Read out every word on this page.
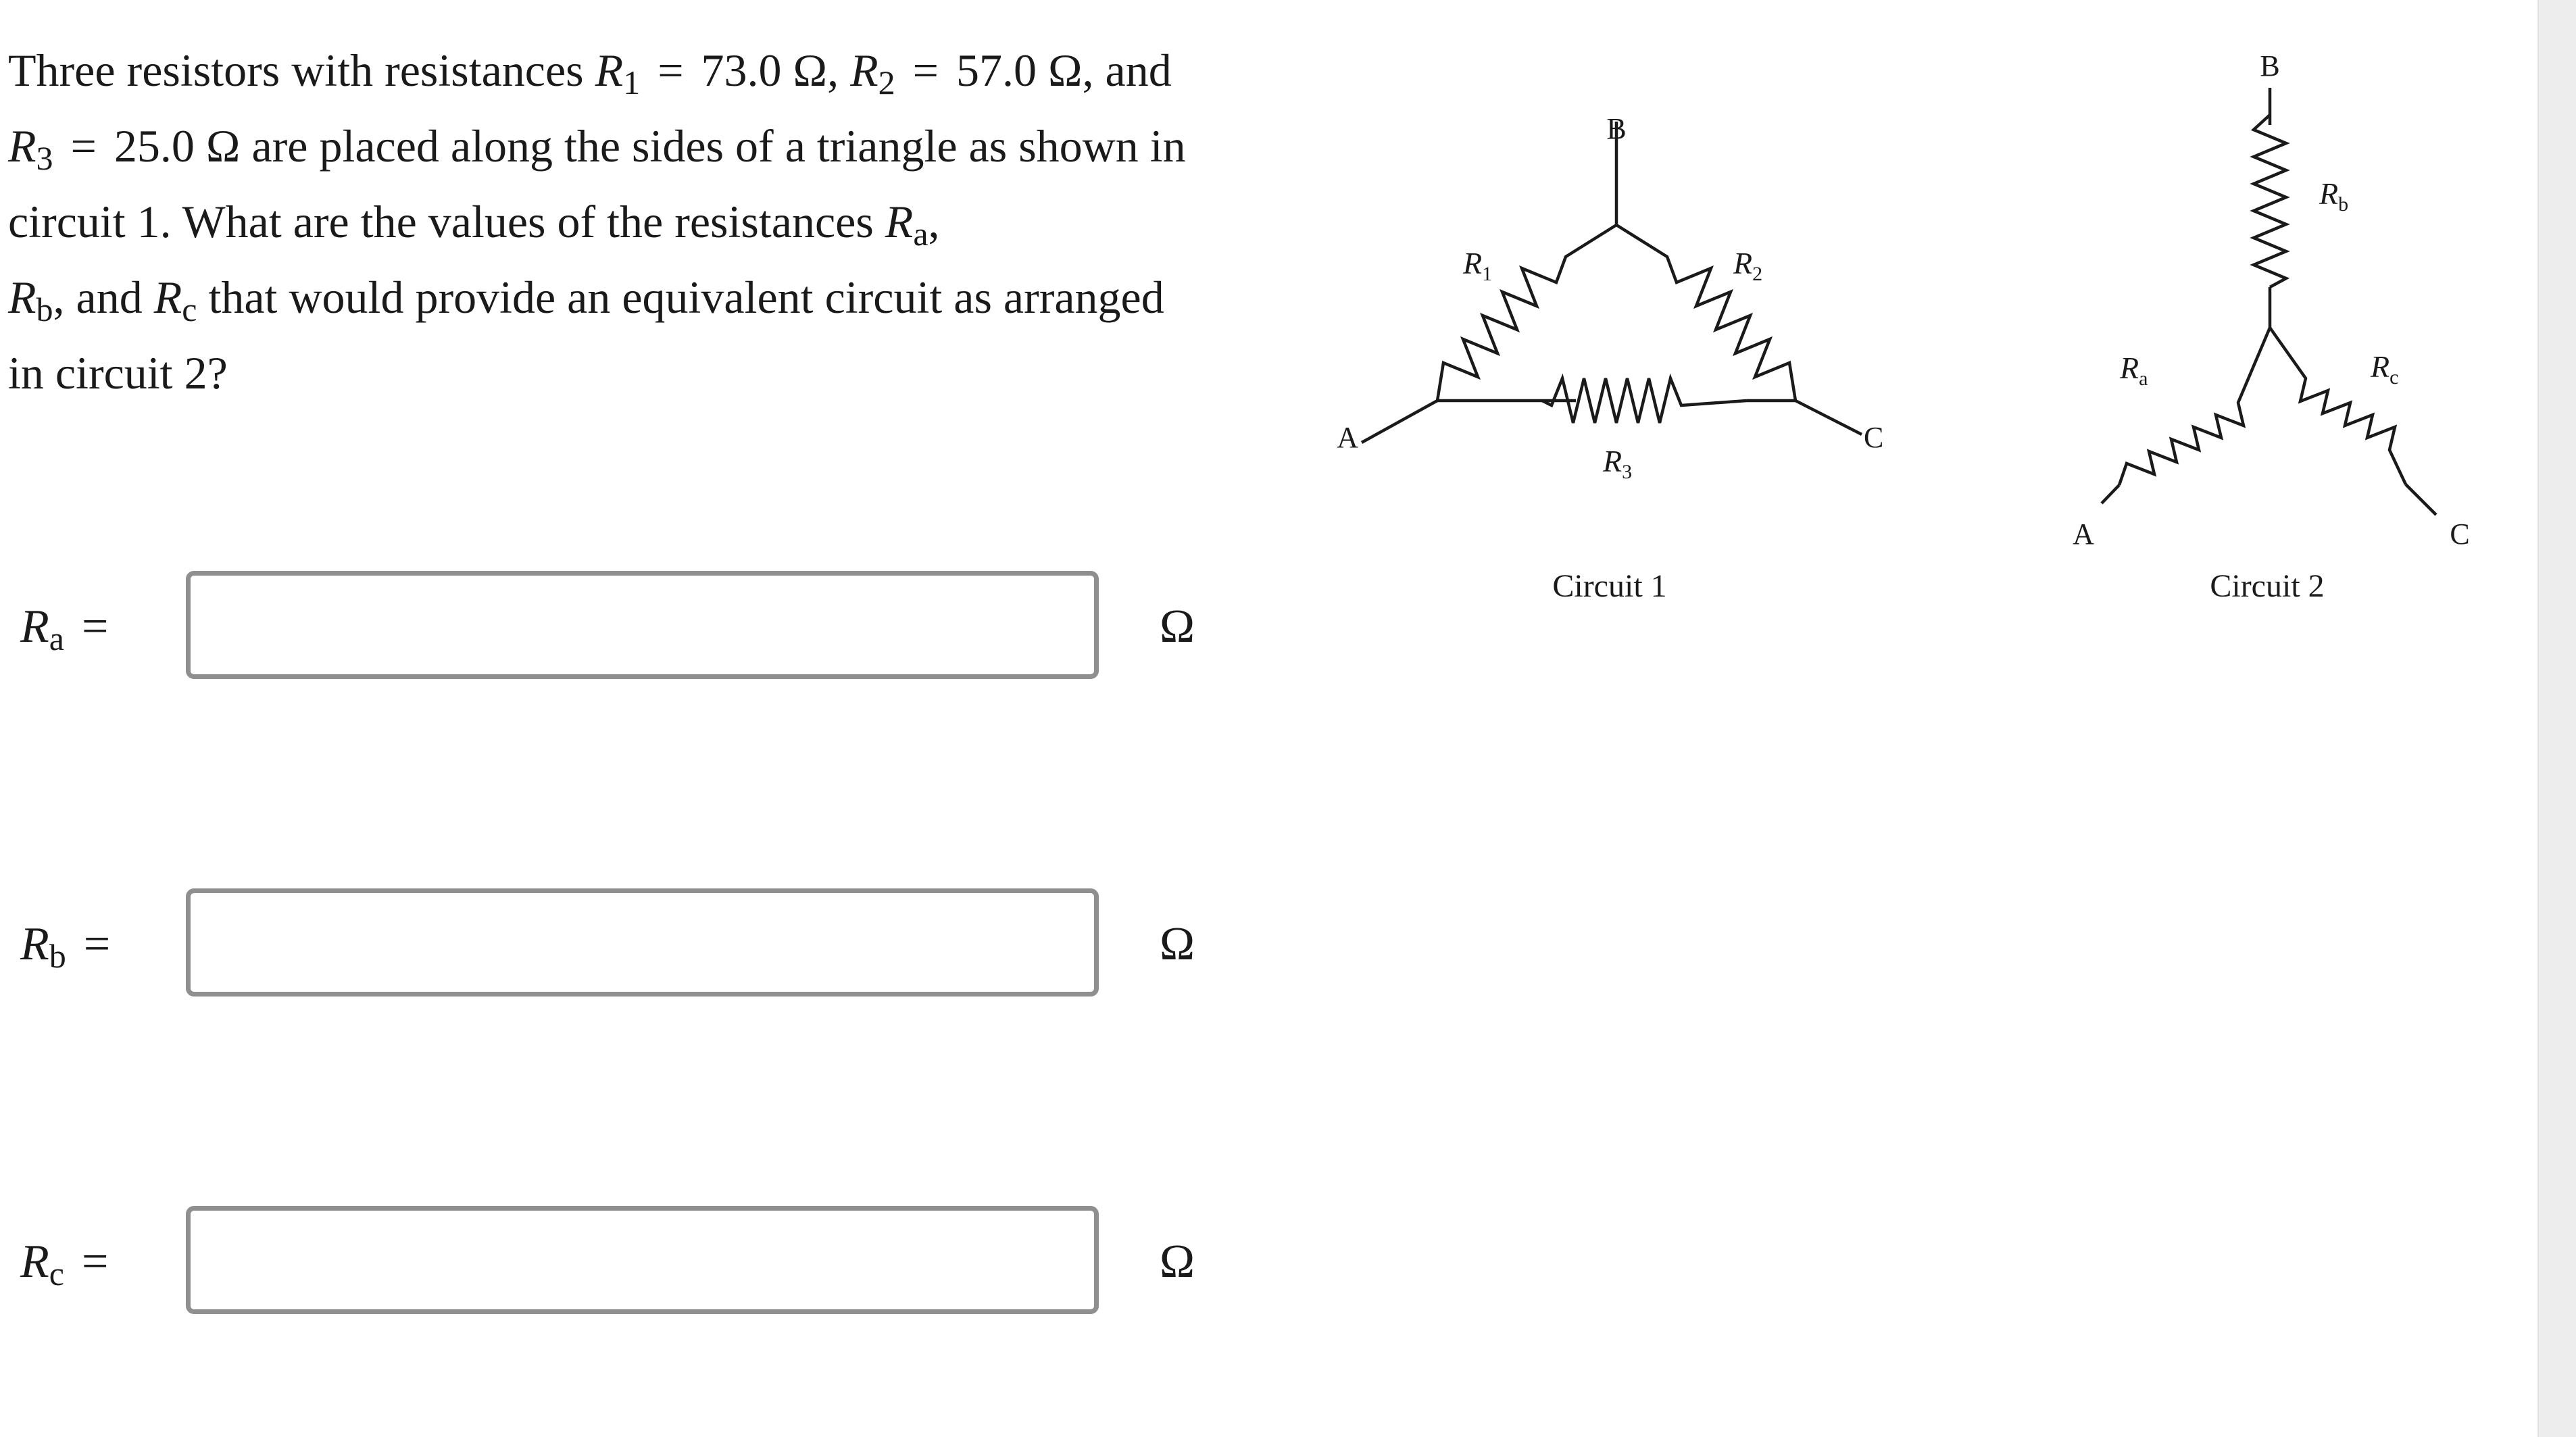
Three resistors with resistances $R_1 = 73.0$ Ω, $R_2 = 57.0$ Ω, and $R_3 = 25.0$ Ω are placed along the sides of a triangle as shown in circuit 1. What are the values of the resistances $R_a$,
$R_b$, and $R_c$ that would provide an equivalent circuit as arranged in circuit 2?
$R_a$ =	Ω
$R_b$ =	Ω
$R_c$ =	Ω
B
A	C
$R_1$	$R_2$
$R_3$
Circuit 1
B
A	C
$R_b$
$R_a$	$R_c$
Circuit 2
